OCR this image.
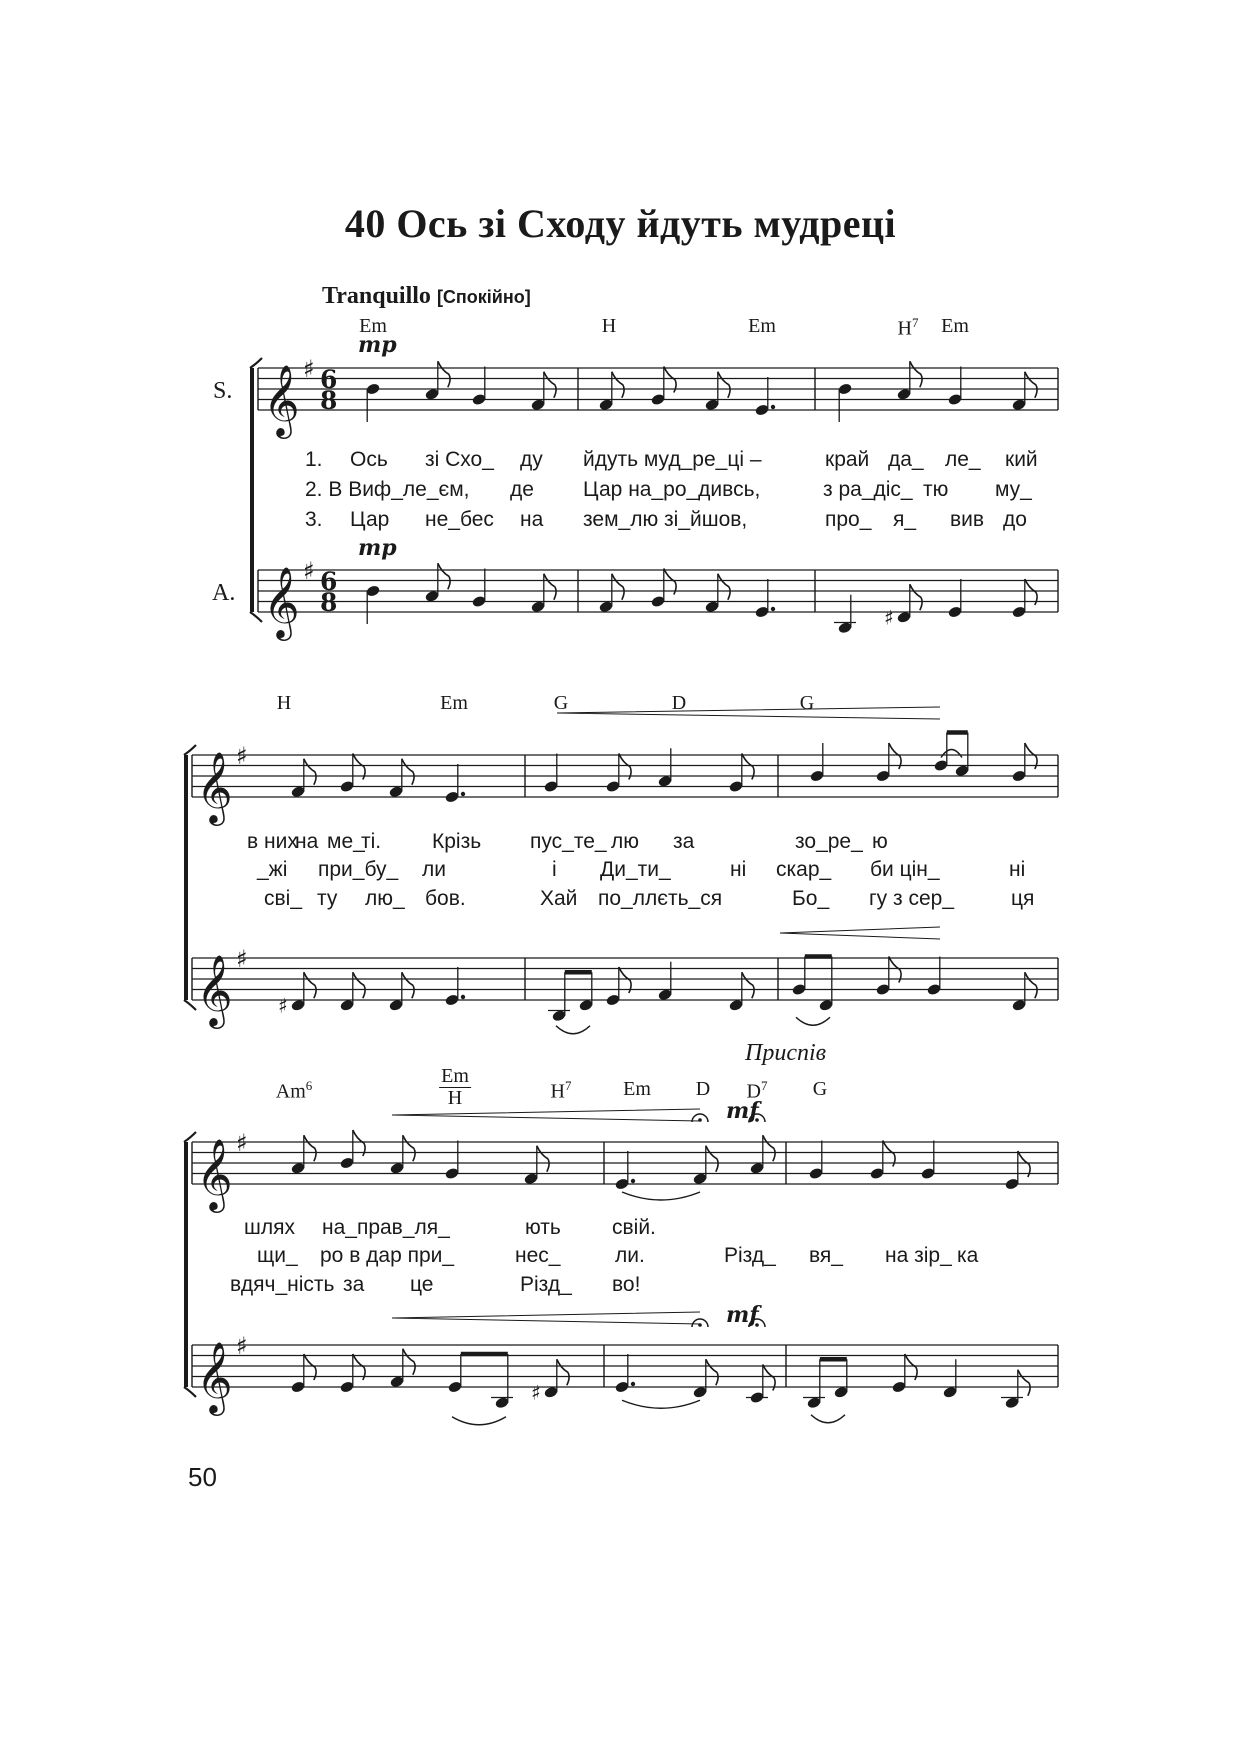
40 Ось зі Сходу йдуть мудреці
Tranquillo [Спокійно]
𝄞 ♯ 6
8
𝄞 ♯ 6
8
♯
𝄞 ♯
𝄞 ♯
♯
𝄞 ♯
𝄞 ♯
♯
S.
A.
mp
mp
Em	H	Em	$H^7$ Em
1. Ось зі Схо_ ду йдуть муд_ре_ці –	край да_ ле_ кий
2. В Виф_ле_єм, де Цар на_ро_дивсь,	з ра_діс_ тю му_
3. Цар не_бес на зем_лю зі_йшов,	про_ я_ вив до
H	Em	G	D	G
в них
на ме_
ті. Крізь пус_те_ лю за	зо_ре_ ю
_жі при_бу_ ли	і Ди_ти_	ні скар_ би цін_	ні
сві_ ту лю_ бов.	Хай по_ллєть_ся	Бо_ гу з сер_	ця
Приспів
mf
mf
Am$^6$	$\frac{Em}{H}$	$H^7$	Em D $D^7$ G
шлях на_прав_ля_	ють свій.
щи_ ро в дар при_	нес_	ли.	Різд_ вя_ на зір_ ка
вдяч_ність за це	Різд_ во!
50
